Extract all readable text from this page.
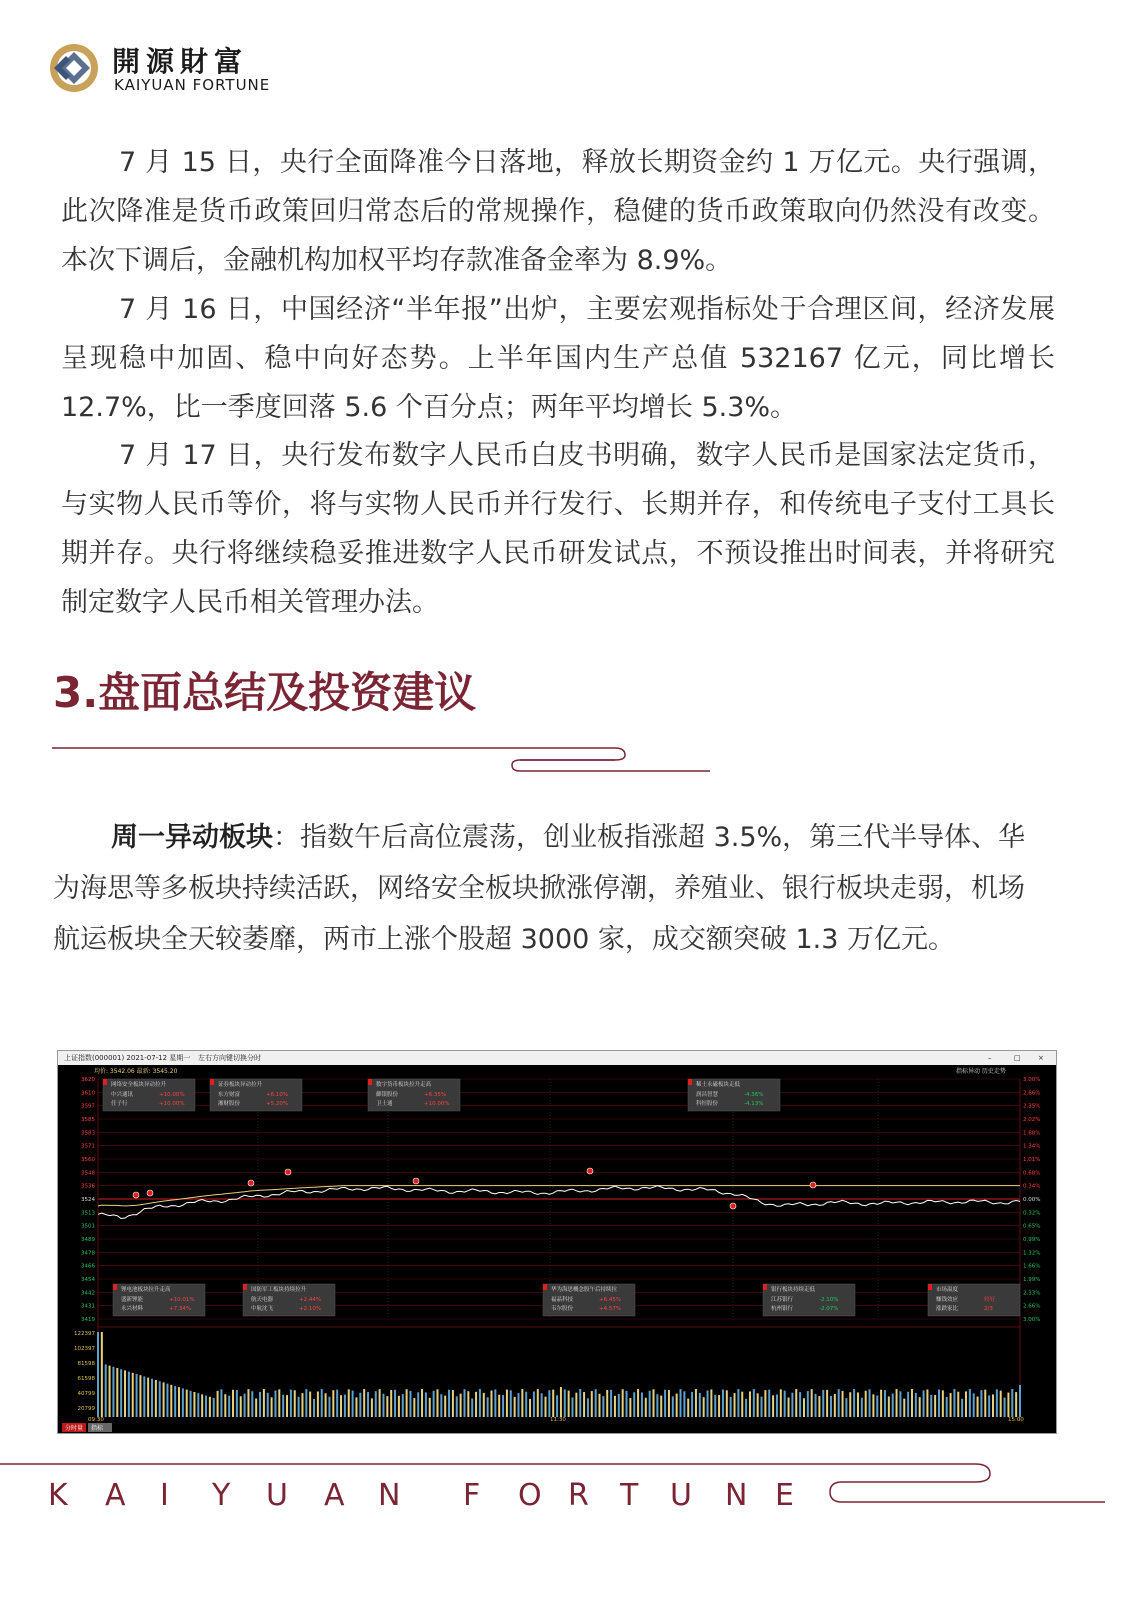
開源財富
KAIYUAN FORTUNE

7 月 15 日，央行全面降准今日落地，释放长期资金约 1 万亿元。央行强调，此次降准是货币政策回归常态后的常规操作，稳健的货币政策取向仍然没有改变。本次下调后，金融机构加权平均存款准备金率为 8.9%。

7 月 16 日，中国经济“半年报”出炉，主要宏观指标处于合理区间，经济发展呈现稳中加固、稳中向好态势。上半年国内生产总值 532167 亿元，同比增长 12.7%，比一季度回落 5.6 个百分点；两年平均增长 5.3%。

7 月 17 日，央行发布数字人民币白皮书明确，数字人民币是国家法定货币，与实物人民币等价，将与实物人民币并行发行、长期并存，和传统电子支付工具长期并存。央行将继续稳妥推进数字人民币研发试点，不预设推出时间表，并将研究制定数字人民币相关管理办法。

3.盘面总结及投资建议

周一异动板块：指数午后高位震荡，创业板指涨超 3.5%，第三代半导体、华为海思等多板块持续活跃，网络安全板块掀涨停潮，养殖业、银行板块走弱，机场航运板块全天较萎靡，两市上涨个股超 3000 家，成交额突破 1.3 万亿元。

上证指数(000001) 2021-07-12 星期一 左右方向键切换分时	–	□ ×
均价: 3542.06 最新: 3545.20	指标异动 历史走势
3620
3610
3597
3585
3583
3571
3560
3548
3536
3524
3513
3501
3489
3478
3466
3454
3442
3431
3419
3.00%
2.66%
2.35%
2.02%
1.68%
1.34%
1.01%
0.68%
0.34%
0.00%
0.32%
0.65%
0.99%
1.32%
1.66%
1.99%
2.33%
2.66%
3.00%
122397
102397
81598
61598
40799
20799
网络安全板块异动拉升
中兴通讯	+10.00%
任子行	+10.00%
证券板块异动拉升
东方财富	+6.10%
湘财股份	+5.20%
数字货币板块拉升走高
御银股份	+6.35%
卫士通	+10.00%
稀土永磁板块走低
润昌智慧	-4.36%
科恒股份	-4.13%
锂电池板块拉升走高
盛新锂能	+10.01%
永兴材料	+7.34%
国防军工板块持续拉升
航天电器	+2.44%
中航沈飞	+2.10%
华为海思概念股午后持续拉
福晶科技	+6.45%
韦尔股份	+4.57%
银行板块持续走低
江苏银行	-2.10%
杭州银行	-2.07%
市场温度
赚钱效应	较好
涨跌家比	2/3
09:30	11:30	15:00
分时量 指标
K A I Y U A N F O R T U N E
